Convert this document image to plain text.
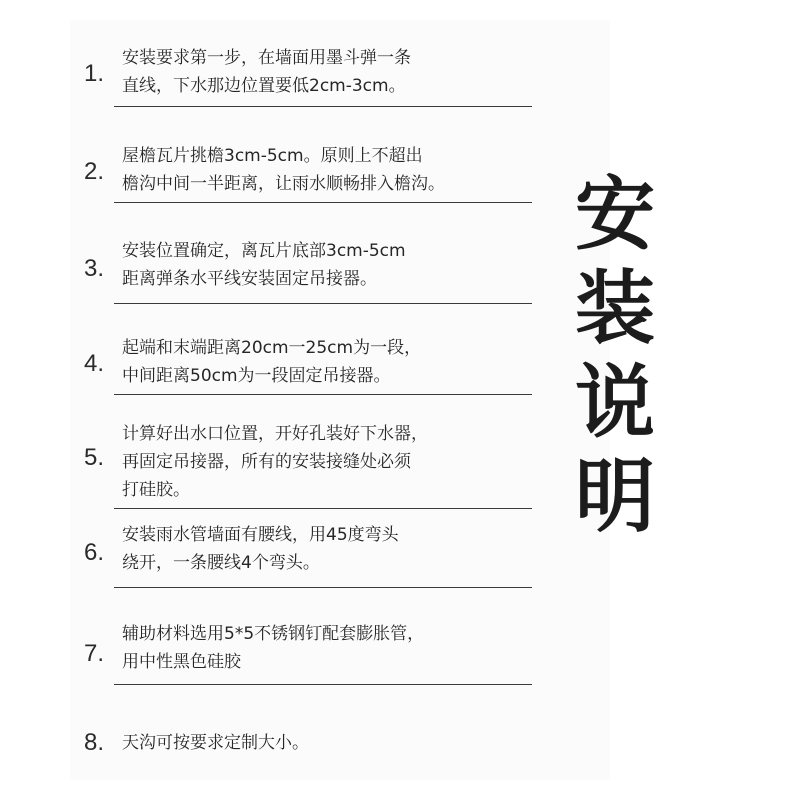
1.
安装要求第一步，在墙面用墨斗弹一条
直线，下水那边位置要低2cm-3cm。
2.
屋檐瓦片挑檐3cm-5cm。原则上不超出
檐沟中间一半距离，让雨水顺畅排入檐沟。
3.
安装位置确定，离瓦片底部3cm-5cm
距离弹条水平线安装固定吊接器。
4.
起端和末端距离20cm一25cm为一段，
中间距离50cm为一段固定吊接器。
5.
计算好出水口位置，开好孔装好下水器，
再固定吊接器，所有的安装接缝处必须
打硅胶。
6.
安装雨水管墙面有腰线，用45度弯头
绕开，一条腰线4个弯头。
7.
辅助材料选用5*5不锈钢钉配套膨胀管，
用中性黑色硅胶
8.	天沟可按要求定制大小。
安
装
说
明
